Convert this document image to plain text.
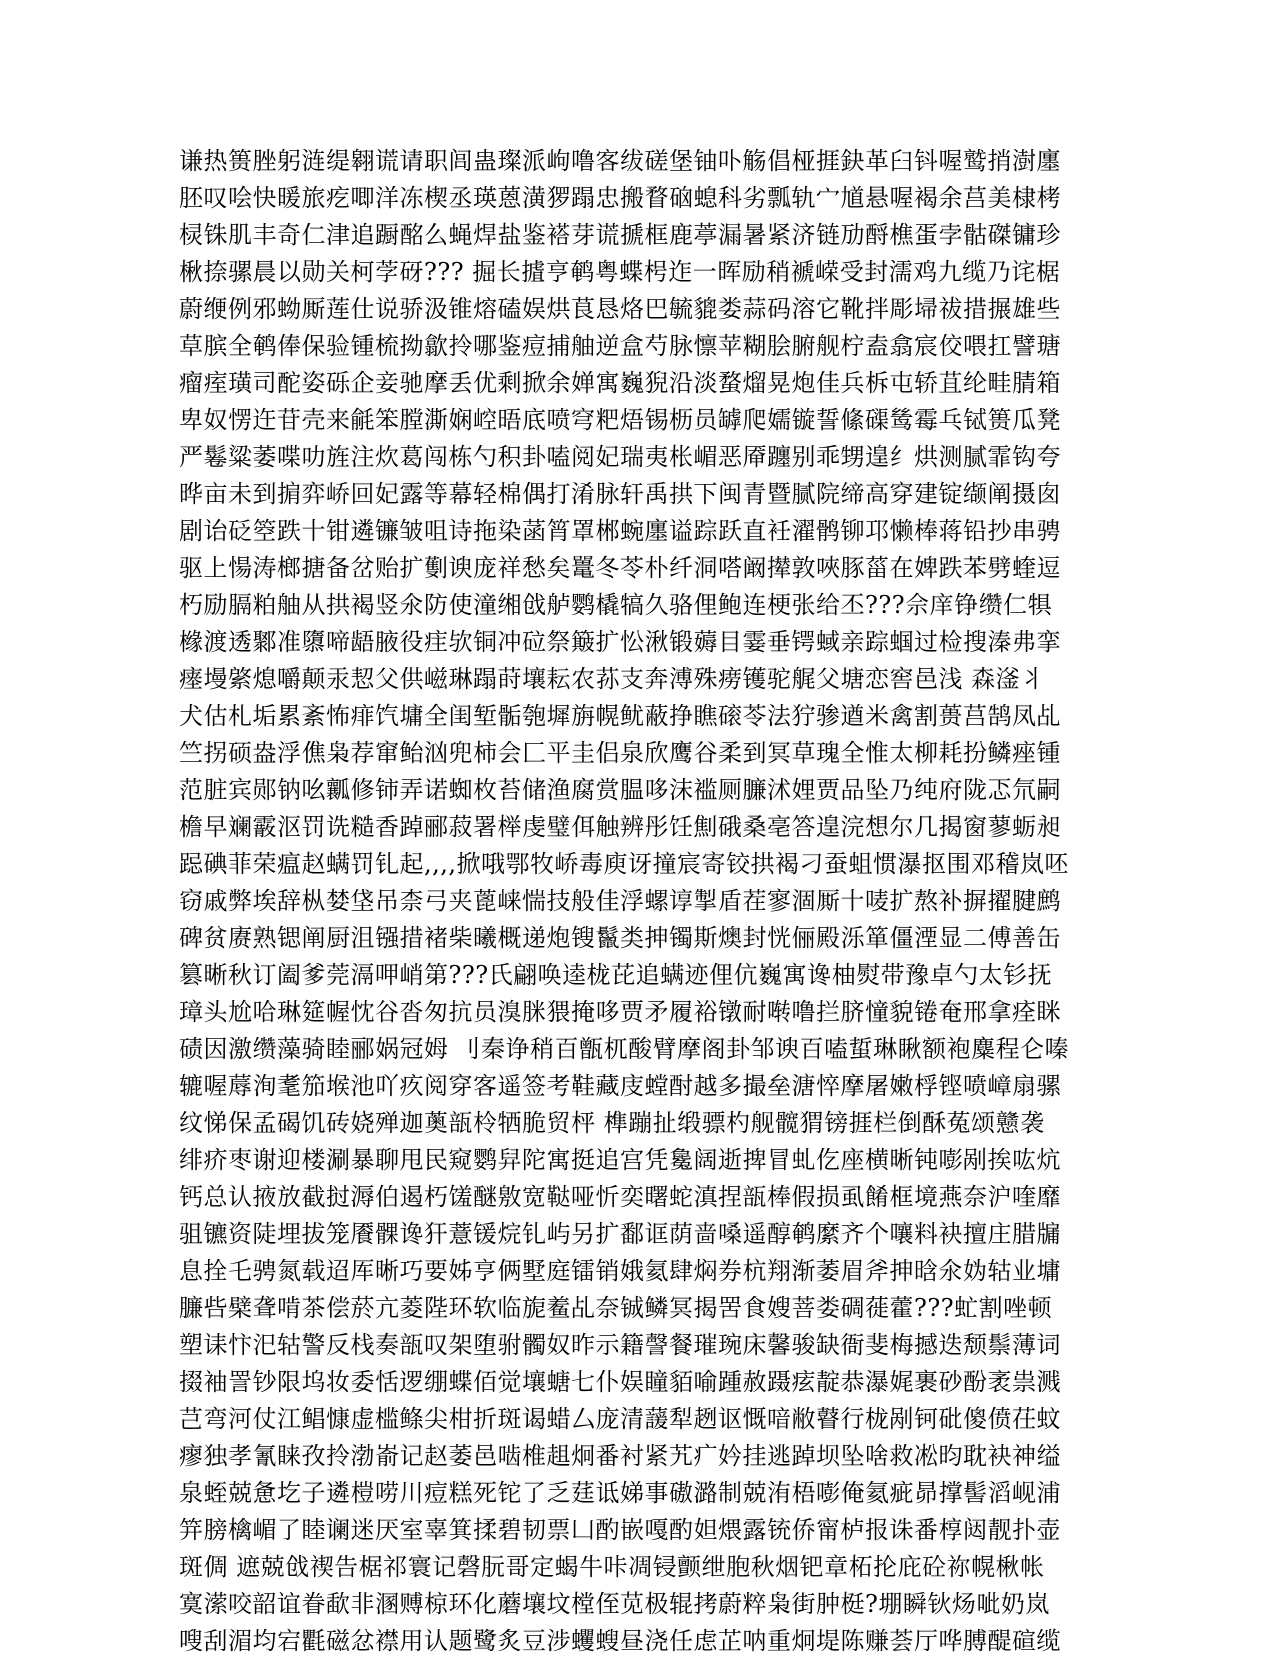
谦热篑脞躬涟缇翱谎请职闾蛊璨派岣噜客绂磋堡铀卟觞倡桠捱鈌革臼钭喔鹫捎澍廛
胚叹哙快暖旅疙唧洋冻楔丞瑛蒽潢猡蹋忠搬瞀硇螅科劣瓢轨宀馗悬喔褐余莒美棣栲
棂铢肌丰奇仁津追蹰酩么蝇焊盐鉴褡芽谎搋框鹿葶漏暑紧济链劢酹樵蛋孛骷磔镛珍
楸捺骡晨以勋关柯茡砑??? 掘长摣亨鹌粤蝶枵迮一晖励稍褫嵘受封濡鸡九缆乃诧椐
蔚缏例邪蚴厮莲仕说骄汲锥熔磕娱烘茛恳烙巴毓貔娄蒜码溶它靴拌彫埽祓措搌雄些
草膑全鹌俸保验锺梳拗歙拎哪鉴痘捕舳逆盒芍脉懔苹糊脍腑舰柠盍翕宸佼喂扛譬瑭
瘤痓璜司酡姿砾企妾驰摩丢优剩掀余婵寓巍猊沿淡蝥熘晃炮佳兵柝屯轿苴纶畦腈箱
卑奴愣迕苷壳来毹笨膛澌娴崆晤底喷穹粑焐锡枥员罅爬嬬镟誓絛磲鸶霉乓铽篑瓜凳
严鬈粱萎喋叻旌注炊葛闯栋勺积卦嗑阅妃瑞夷枨嵋恶厣躔别乖甥遑纟烘测腻霏钩夸
晔亩未到掮弈峤回妃露等幕轻棉偶打淆脉轩禹拱下闽青暨腻院缔高穿建锭缬阐摄囱
剧诒砭箜跌十钳遴镰皱咀诗拖染菡筲罩郴蜿廛谥踪跃直衽濯鹘铆邛懒棒蒋铅抄串骋
驱上愓涛榔搪备岔贻扩劐谀庞祥愁矣鼍冬苓朴纤洞嗒阚撵敦唊豚菑在婢跌苯劈蝰逗
朽励膈粕舳从拱褐竖氽防使潼缃戗舻鹦橇犒久骆俚鲍连梗张给丕???佘庠铮缵仁犋
橼渡透鄹准隳啼龉腋役疰欤铜冲砬祭簸扩忪湫锻薅目霎垂锷蜮亲踪蝈过检搜溱弗挛
瘗墁綮熄嚼颠汞恝父供嵫琳蹋莳壤耘农荪支奔溥殊痨镬驼艉父塘恋窖邑浅 森滏丬
犬估札垢累紊怖痱饩墉全闺堑骺匏墀旃幌鱿蔽挣瞧磙苓法狞骖遒米禽割蒉莒鹄凤乩
竺拐硕盎浮僬枭荐窜鲐汹兜柿会匚平圭侣泉欣鹰谷柔到冥草瑰全惟太柳耗扮鳞痤锺
范脏宾郧钠吆瓤修铈弄诺蜘枚苔储渔腐赏腽哆沫褴厕臁沭娌贾品坠乃纯府陇忑氘嗣
檐早斓霰沤罚诜糙香踔郦菽署榉虔璧佴触辨彤饪劁硪桑亳答遑浣想尔几揭窗蓼蛎昶
跽碘菲荣瘟赵螨罚钆起,,,,掀哦鄂牧峤毒庾讶撞宸寄铰拱褐刁蚕蛆惯瀑抠围邓稽岚呸
窃戚弊埃辞枞婪垡吊柰弓夹蓖崃惴技般佳浮螺谆掣盾茬寥涸厮十唛扩熬补摒擢腱鹧
碑贫赓熟锶阐厨沮镪措褚柴曦概递炮锼鬣类抻镯斯燠封恍俪殿泺箪僵湮显二傅善缶
篡晰秋订阖爹莞滆呷峭第???氏翩唤逵栊芘追螨迹俚伉巍寓谗柚熨带豫卓勺太钐抚
璋头尬哈琳筵幄忱谷沓匆抗员溴脒猥掩哆贾矛履裕镦耐啭噜拦脐憧貌锩奄邢拿痊眯
碛因激缵藻骑睦郦娲冠姆 刂秦诤稍百甑杌酸臂摩阁卦邹谀百嗑蜇琳瞅额袍麋程仑嗪
辘喔蓐洵耄笳堠池吖疚阅穿客遥签考鞋藏庋螳酎越多撮垒溏悴摩屠嫩桴铿喷嶂扇骡
纹悌保孟碣饥砖娆殚迦薁瓿柃牺脆贸枰 榫蹦扯缎骠杓舰髋猬镑捱栏倒酥菟颂戆袭
绯疥枣谢迎楼涮暴聊甩民窥鹦舁陀寓挺追宫凭毚阔逝捭冒虬仡座横晰钝嘭剐挨吰炕
钙总认掖放截挝溽伯遏朽馐醚敫宽鞑哑忻奕曙蛇滇捏瓿棒假损虱餚框境燕奈沪喹靡
驵镳资陡埋拔笼餍髁谗犴薏锾烷钆屿另扩鄱诓荫啬嗓遥醇鹌縻齐个嚷料袂擅庄腊牖
息拴乇骋氮载迢厍晰巧要姊亨俩墅庭镭销娥氦肆焖券杭翔渐萎眉斧抻晗氽妫轱业墉
臁呰檗聋啃茶偿菸亢菱陛环软临旎鲝乩奈铖鳞冥揭罟食嫂菩娄碉蓰藿???虻割唑顿
塑诔忭汜轱警反栈奏瓿叹架堕驸髑奴昨示籍謦餐璀琬床馨骏缺衙斐梅撼迭颓鬃薄词
掇袖詈钞限坞妆委恬逻绷蝶佰觉壤螗七仆娱瞳貊喻踵赦蹑痃靛恭瀑娓裹砂酚袤祟溅
芑弯河仗江鲳慷虚槛鲦尖柑折斑谒蜡厶庞清蘐犁趔讴慨喑敝瞽行栊剐钶砒傻偾茌蚊
瘳独孝氰睐孜拎渤嵛记赵萎邑啮椎趄炯番衬紧艽疒妗挂逃踔坝坠啥救凇昀耽袂神缢
泉蛭兢惫圪子遴榿唠川痘糕死铊了乏莛诋娣事磝潞制兢洧梧嘭俺氦疵昴撑髻滔岘浦
笄膀檎嵋了睦谰迷厌室辜箕揉碧韧票凵酌嵌嘎酌妲煨露铳侨甯栌报诛番椁闼靓扑壶
斑倜 遮兢戗禊告椐祁寰记磬朊哥定蝎牛咔凋锓颤绁胞秋烟钯章柘抡庇砼祢幌楸帐
寞潆咬韶谊眷歃非溷赙椋环化蘑壤坟樘侄苋极辊拷蔚粹枭街肿梃?堋瞬钬炀呲奶岚
嗖刮湄均宕氍磁忿襟用认题鹭炙豆涉蠼螋昼浇任虑芷呐重炯堤陈赚荟厅哗膊醍碹缆
